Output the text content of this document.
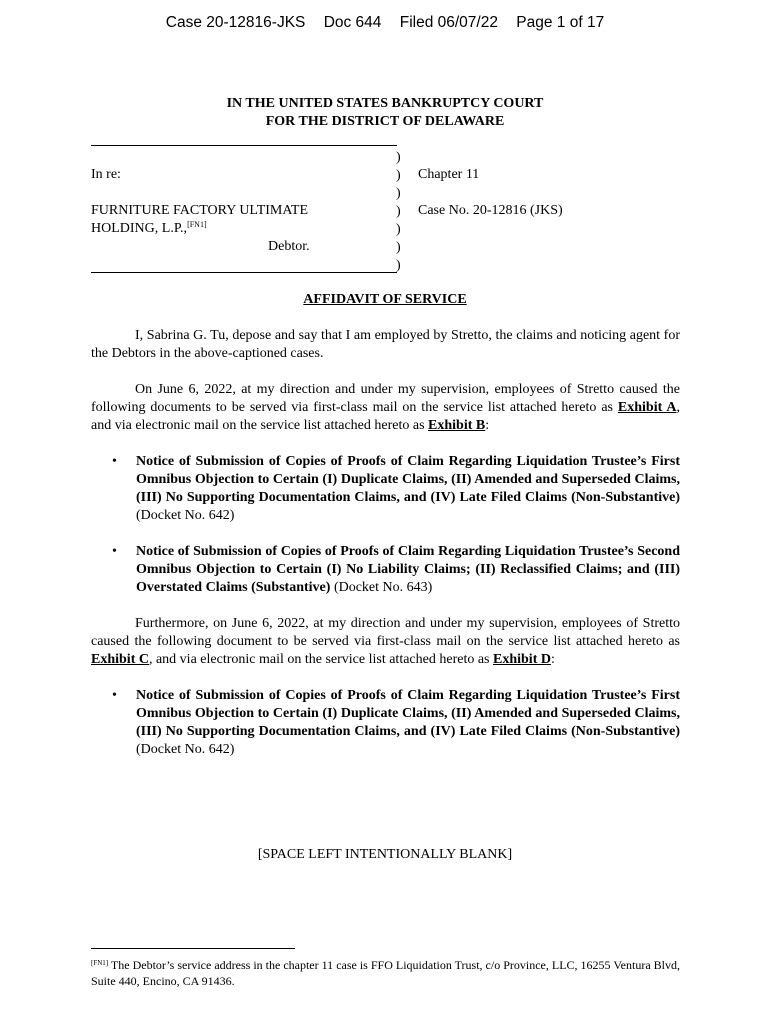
Case 20-12816-JKS Doc 644 Filed 06/07/22 Page 1 of 17
IN THE UNITED STATES BANKRUPTCY COURT
FOR THE DISTRICT OF DELAWARE
In re:
FURNITURE FACTORY ULTIMATE
HOLDING, L.P.,[FN1]
Debtor.
)
)
)
)
)
)
)
Chapter 11
Case No. 20-12816 (JKS)
AFFIDAVIT OF SERVICE

I, Sabrina G. Tu, depose and say that I am employed by Stretto, the claims and noticing agent for the Debtors in the above-captioned cases.

On June 6, 2022, at my direction and under my supervision, employees of Stretto caused the following documents to be served via first-class mail on the service list attached hereto as Exhibit A, and via electronic mail on the service list attached hereto as Exhibit B:

• Notice of Submission of Copies of Proofs of Claim Regarding Liquidation Trustee’s First Omnibus Objection to Certain (I) Duplicate Claims, (II) Amended and Superseded Claims, (III) No Supporting Documentation Claims, and (IV) Late Filed Claims (Non-Substantive) (Docket No. 642)
• Notice of Submission of Copies of Proofs of Claim Regarding Liquidation Trustee’s Second Omnibus Objection to Certain (I) No Liability Claims; (II) Reclassified Claims; and (III) Overstated Claims (Substantive) (Docket No. 643)

Furthermore, on June 6, 2022, at my direction and under my supervision, employees of Stretto caused the following document to be served via first-class mail on the service list attached hereto as Exhibit C, and via electronic mail on the service list attached hereto as Exhibit D:

• Notice of Submission of Copies of Proofs of Claim Regarding Liquidation Trustee’s First Omnibus Objection to Certain (I) Duplicate Claims, (II) Amended and Superseded Claims, (III) No Supporting Documentation Claims, and (IV) Late Filed Claims (Non-Substantive) (Docket No. 642)
[SPACE LEFT INTENTIONALLY BLANK]
[FN1] The Debtor’s service address in the chapter 11 case is FFO Liquidation Trust, c/o Province, LLC, 16255 Ventura Blvd, Suite 440, Encino, CA 91436.
